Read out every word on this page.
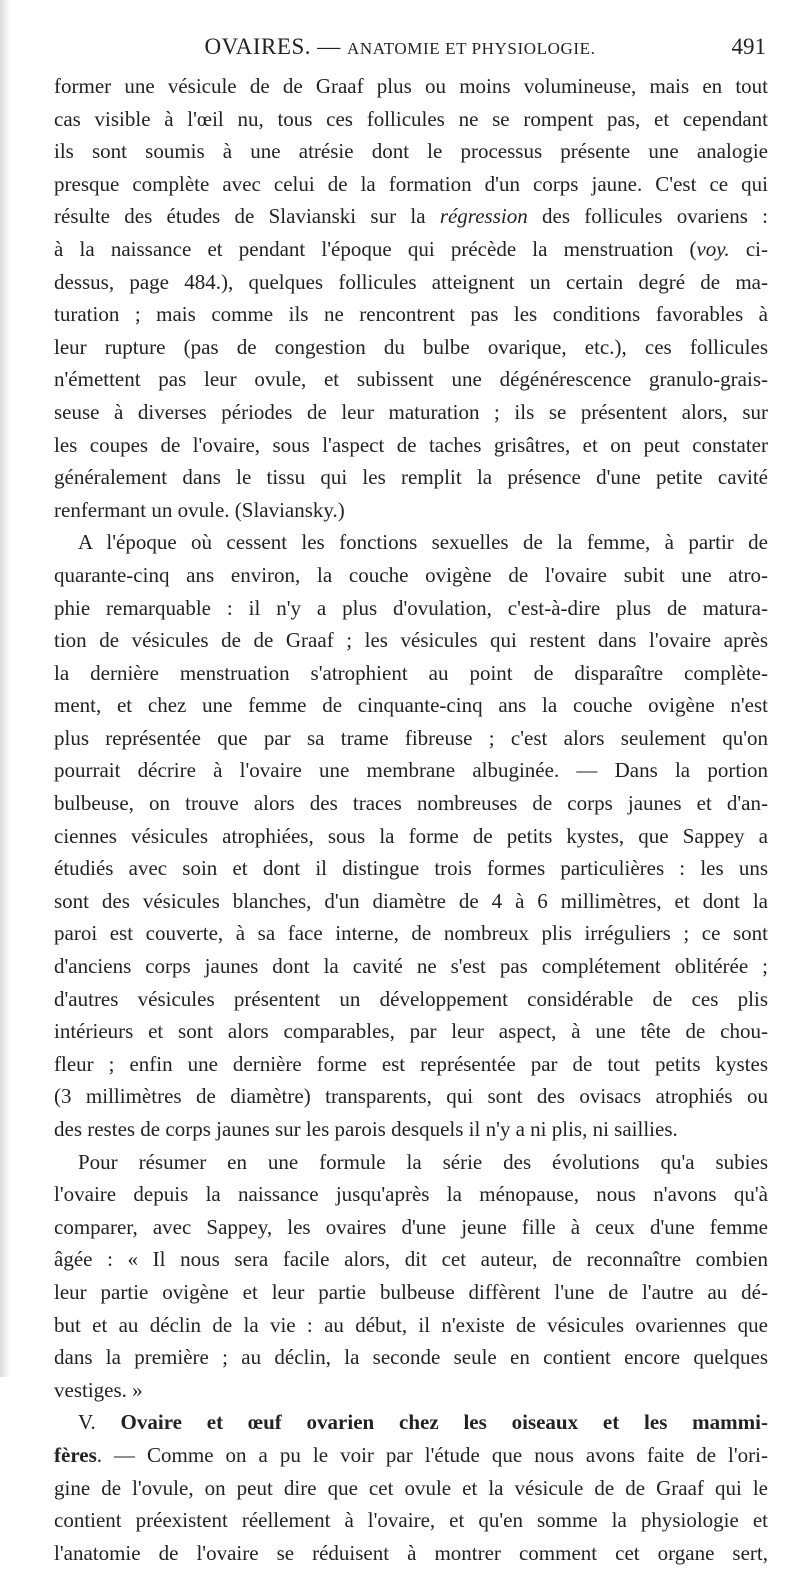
OVAIRES. — ANATOMIE ET PHYSIOLOGIE.	491
former une vésicule de de Graaf plus ou moins volumineuse, mais en tout
cas visible à l'œil nu, tous ces follicules ne se rompent pas, et cependant
ils sont soumis à une atrésie dont le processus présente une analogie
presque complète avec celui de la formation d'un corps jaune. C'est ce qui
résulte des études de Slavianski sur la régression des follicules ovariens :
à la naissance et pendant l'époque qui précède la menstruation (voy. ci-
dessus, page 484.), quelques follicules atteignent un certain degré de ma-
turation ; mais comme ils ne rencontrent pas les conditions favorables à
leur rupture (pas de congestion du bulbe ovarique, etc.), ces follicules
n'émettent pas leur ovule, et subissent une dégénérescence granulo-grais-
seuse à diverses périodes de leur maturation ; ils se présentent alors, sur
les coupes de l'ovaire, sous l'aspect de taches grisâtres, et on peut constater
généralement dans le tissu qui les remplit la présence d'une petite cavité
renfermant un ovule. (Slaviansky.)
A l'époque où cessent les fonctions sexuelles de la femme, à partir de
quarante-cinq ans environ, la couche ovigène de l'ovaire subit une atro-
phie remarquable : il n'y a plus d'ovulation, c'est-à-dire plus de matura-
tion de vésicules de de Graaf ; les vésicules qui restent dans l'ovaire après
la dernière menstruation s'atrophient au point de disparaître complète-
ment, et chez une femme de cinquante-cinq ans la couche ovigène n'est
plus représentée que par sa trame fibreuse ; c'est alors seulement qu'on
pourrait décrire à l'ovaire une membrane albuginée. — Dans la portion
bulbeuse, on trouve alors des traces nombreuses de corps jaunes et d'an-
ciennes vésicules atrophiées, sous la forme de petits kystes, que Sappey a
étudiés avec soin et dont il distingue trois formes particulières : les uns
sont des vésicules blanches, d'un diamètre de 4 à 6 millimètres, et dont la
paroi est couverte, à sa face interne, de nombreux plis irréguliers ; ce sont
d'anciens corps jaunes dont la cavité ne s'est pas complétement oblitérée ;
d'autres vésicules présentent un développement considérable de ces plis
intérieurs et sont alors comparables, par leur aspect, à une tête de chou-
fleur ; enfin une dernière forme est représentée par de tout petits kystes
(3 millimètres de diamètre) transparents, qui sont des ovisacs atrophiés ou
des restes de corps jaunes sur les parois desquels il n'y a ni plis, ni saillies.
Pour résumer en une formule la série des évolutions qu'a subies
l'ovaire depuis la naissance jusqu'après la ménopause, nous n'avons qu'à
comparer, avec Sappey, les ovaires d'une jeune fille à ceux d'une femme
âgée : « Il nous sera facile alors, dit cet auteur, de reconnaître combien
leur partie ovigène et leur partie bulbeuse diffèrent l'une de l'autre au dé-
but et au déclin de la vie : au début, il n'existe de vésicules ovariennes que
dans la première ; au déclin, la seconde seule en contient encore quelques
vestiges. »
V. Ovaire et œuf ovarien chez les oiseaux et les mammi-
fères. — Comme on a pu le voir par l'étude que nous avons faite de l'ori-
gine de l'ovule, on peut dire que cet ovule et la vésicule de de Graaf qui le
contient préexistent réellement à l'ovaire, et qu'en somme la physiologie et
l'anatomie de l'ovaire se réduisent à montrer comment cet organe sert,
